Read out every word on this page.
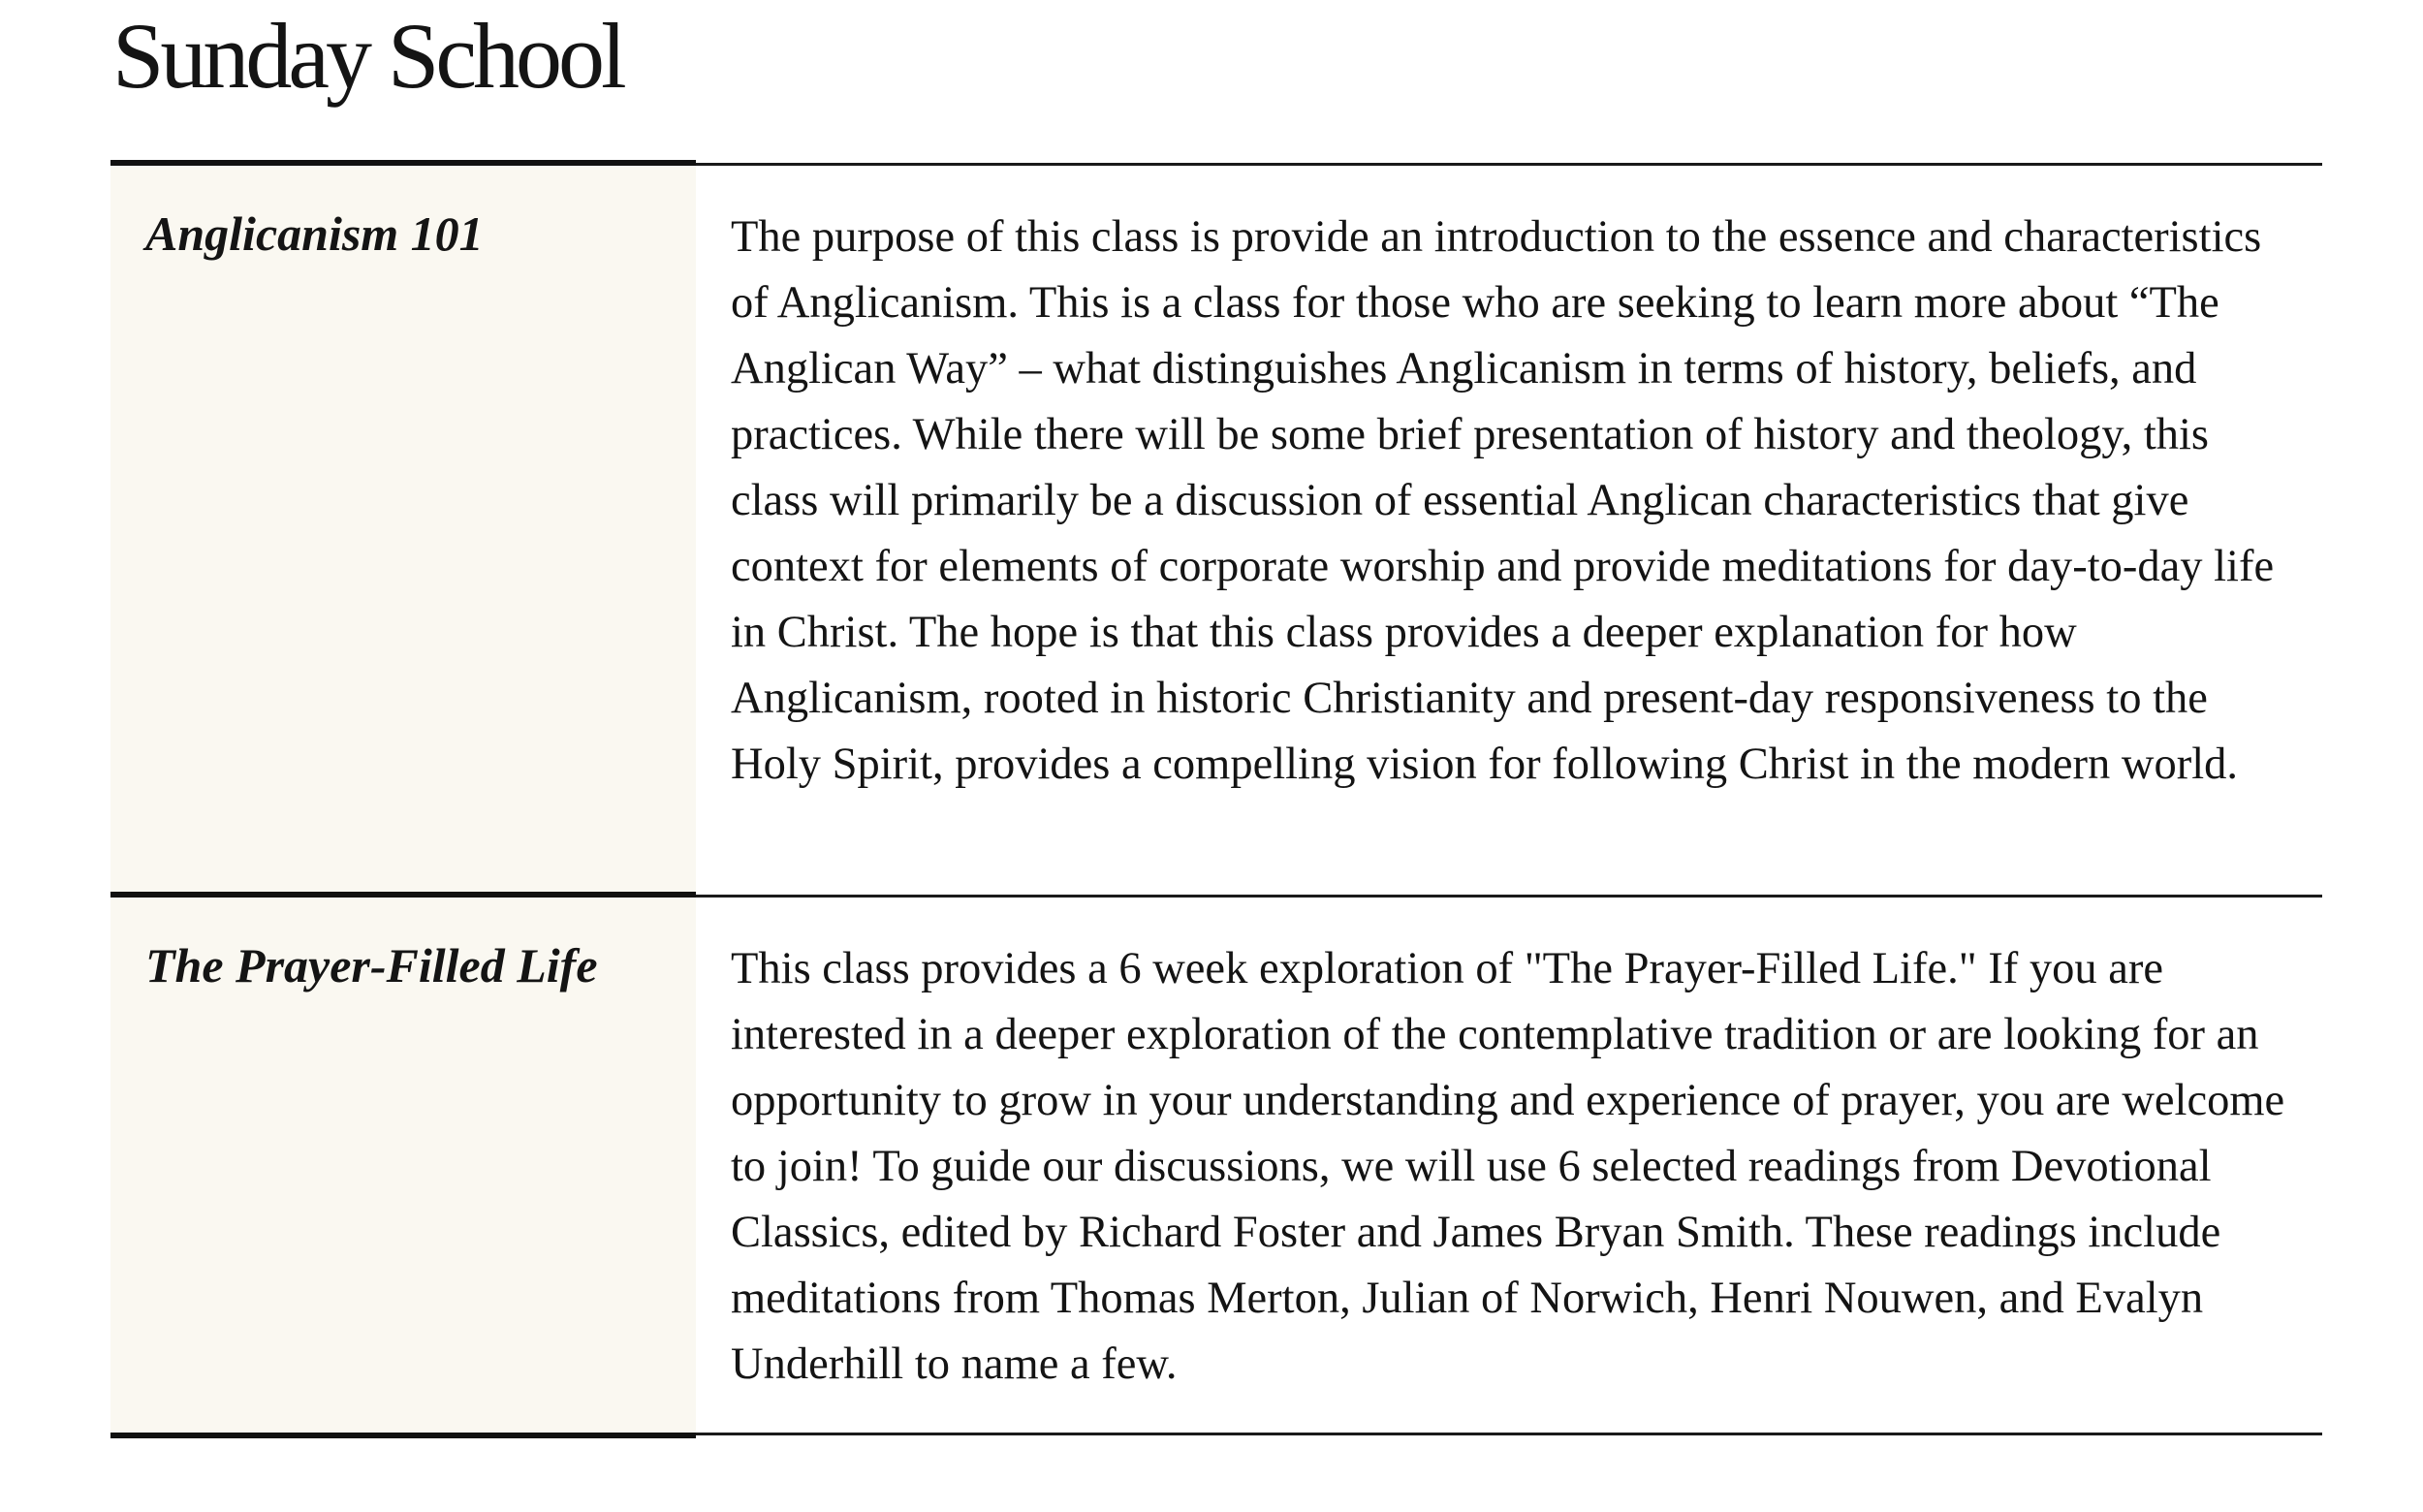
Sunday School
Anglicanism 101	The purpose of this class is provide an introduction to the essence and characteristics of Anglicanism. This is a class for those who are seeking to learn more about “The Anglican Way” – what distinguishes Anglicanism in terms of history, beliefs, and practices. While there will be some brief presentation of history and theology, this class will primarily be a discussion of essential Anglican characteristics that give context for elements of corporate worship and provide meditations for day-to-day life in Christ. The hope is that this class provides a deeper explanation for how Anglicanism, rooted in historic Christianity and present-day responsiveness to the Holy Spirit, provides a compelling vision for following Christ in the modern world.

The Prayer-Filled Life	This class provides a 6 week exploration of "The Prayer-Filled Life." If you are interested in a deeper exploration of the contemplative tradition or are looking for an opportunity to grow in your understanding and experience of prayer, you are welcome to join! To guide our discussions, we will use 6 selected readings from Devotional Classics, edited by Richard Foster and James Bryan Smith. These readings include meditations from Thomas Merton, Julian of Norwich, Henri Nouwen, and Evalyn Underhill to name a few.
